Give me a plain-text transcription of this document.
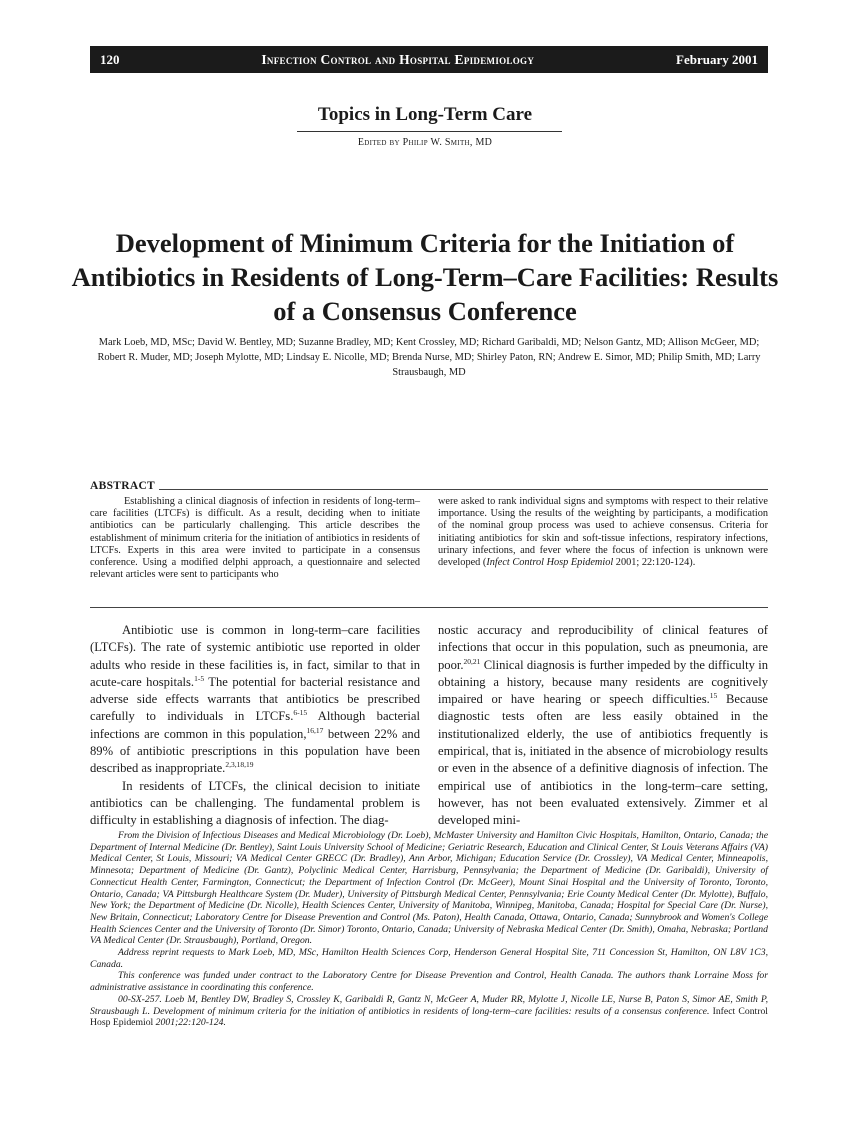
120	Infection Control and Hospital Epidemiology	February 2001
Topics in Long-Term Care
Edited by Philip W. Smith, MD
Development of Minimum Criteria for the Initiation of Antibiotics in Residents of Long-Term–Care Facilities: Results of a Consensus Conference
Mark Loeb, MD, MSc; David W. Bentley, MD; Suzanne Bradley, MD; Kent Crossley, MD; Richard Garibaldi, MD; Nelson Gantz, MD; Allison McGeer, MD; Robert R. Muder, MD; Joseph Mylotte, MD; Lindsay E. Nicolle, MD; Brenda Nurse, MD; Shirley Paton, RN; Andrew E. Simor, MD; Philip Smith, MD; Larry Strausbaugh, MD
ABSTRACT

Establishing a clinical diagnosis of infection in residents of long-term–care facilities (LTCFs) is difficult. As a result, deciding when to initiate antibiotics can be particularly challenging. This article describes the establishment of minimum criteria for the initiation of antibiotics in residents of LTCFs. Experts in this area were invited to participate in a consensus conference. Using a modified delphi approach, a questionnaire and selected relevant articles were sent to participants who

were asked to rank individual signs and symptoms with respect to their relative importance. Using the results of the weighting by participants, a modification of the nominal group process was used to achieve consensus. Criteria for initiating antibiotics for skin and soft-tissue infections, respiratory infections, urinary infections, and fever where the focus of infection is unknown were developed (Infect Control Hosp Epidemiol 2001; 22:120-124).

Antibiotic use is common in long-term–care facilities (LTCFs). The rate of systemic antibiotic use reported in older adults who reside in these facilities is, in fact, similar to that in acute-care hospitals.$^{1-5}$ The potential for bacterial resistance and adverse side effects warrants that antibiotics be prescribed carefully to individuals in LTCFs.$^{6-15}$ Although bacterial infections are common in this population,$^{16,17}$ between 22% and 89% of antibiotic prescriptions in this population have been described as inappropriate.$^{2,3,18,19}$

In residents of LTCFs, the clinical decision to initiate antibiotics can be challenging. The fundamental problem is difficulty in establishing a diagnosis of infection. The diag-

nostic accuracy and reproducibility of clinical features of infections that occur in this population, such as pneumonia, are poor.$^{20,21}$ Clinical diagnosis is further impeded by the difficulty in obtaining a history, because many residents are cognitively impaired or have hearing or speech difficulties.$^{15}$ Because diagnostic tests often are less easily obtained in the institutionalized elderly, the use of antibiotics frequently is empirical, that is, initiated in the absence of microbiology results or even in the absence of a definitive diagnosis of infection. The empirical use of antibiotics in the long-term–care setting, however, has not been evaluated extensively. Zimmer et al developed mini-

From the Division of Infectious Diseases and Medical Microbiology (Dr. Loeb), McMaster University and Hamilton Civic Hospitals, Hamilton, Ontario, Canada; the Department of Internal Medicine (Dr. Bentley), Saint Louis University School of Medicine; Geriatric Research, Education and Clinical Center, St Louis Veterans Affairs (VA) Medical Center, St Louis, Missouri; VA Medical Center GRECC (Dr. Bradley), Ann Arbor, Michigan; Education Service (Dr. Crossley), VA Medical Center, Minneapolis, Minnesota; Department of Medicine (Dr. Gantz), Polyclinic Medical Center, Harrisburg, Pennsylvania; the Department of Medicine (Dr. Garibaldi), University of Connecticut Health Center, Farmington, Connecticut; the Department of Infection Control (Dr. McGeer), Mount Sinai Hospital and the University of Toronto, Toronto, Ontario, Canada; VA Pittsburgh Healthcare System (Dr. Muder), University of Pittsburgh Medical Center, Pennsylvania; Erie County Medical Center (Dr. Mylotte), Buffalo, New York; the Department of Medicine (Dr. Nicolle), Health Sciences Center, University of Manitoba, Winnipeg, Manitoba, Canada; Hospital for Special Care (Dr. Nurse), New Britain, Connecticut; Laboratory Centre for Disease Prevention and Control (Ms. Paton), Health Canada, Ottawa, Ontario, Canada; Sunnybrook and Women's College Health Sciences Center and the University of Toronto (Dr. Simor) Toronto, Ontario, Canada; University of Nebraska Medical Center (Dr. Smith), Omaha, Nebraska; Portland VA Medical Center (Dr. Strausbaugh), Portland, Oregon.

Address reprint requests to Mark Loeb, MD, MSc, Hamilton Health Sciences Corp, Henderson General Hospital Site, 711 Concession St, Hamilton, ON L8V 1C3, Canada.

This conference was funded under contract to the Laboratory Centre for Disease Prevention and Control, Health Canada. The authors thank Lorraine Moss for administrative assistance in coordinating this conference.

00-SX-257. Loeb M, Bentley DW, Bradley S, Crossley K, Garibaldi R, Gantz N, McGeer A, Muder RR, Mylotte J, Nicolle LE, Nurse B, Paton S, Simor AE, Smith P, Strausbaugh L. Development of minimum criteria for the initiation of antibiotics in residents of long-term–care facilities: results of a consensus conference. Infect Control Hosp Epidemiol 2001;22:120-124.
